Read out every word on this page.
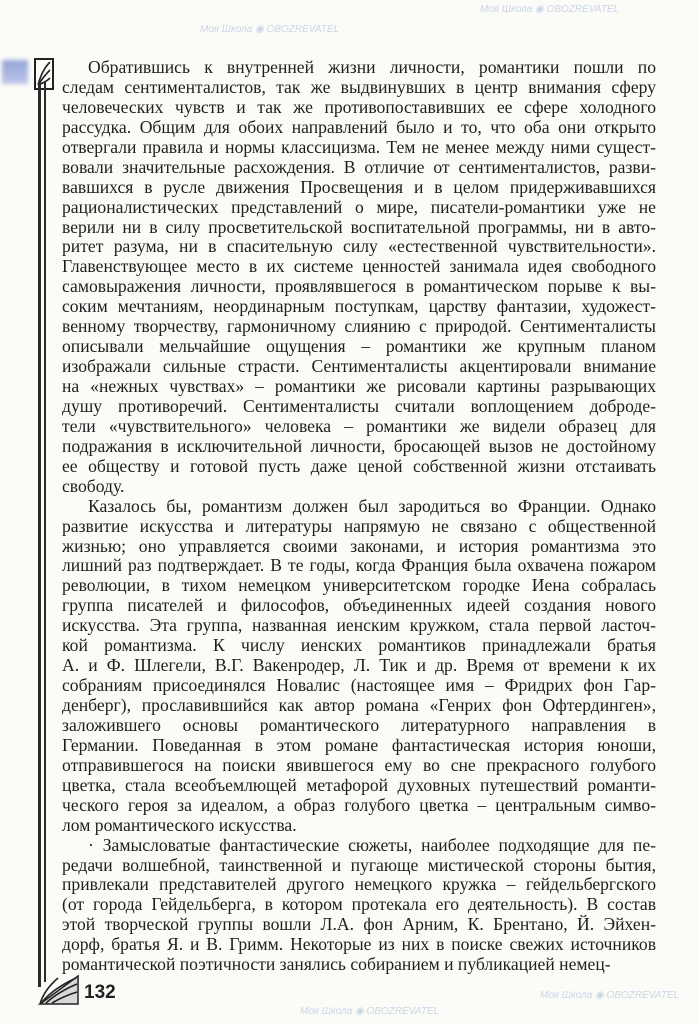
Обратившись к внутренней жизни личности, романтики пошли по
следам сентименталистов, так же выдвинувших в центр внимания сферу
человеческих чувств и так же противопоставивших ее сфере холодного
рассудка. Общим для обоих направлений было и то, что оба они открыто
отвергали правила и нормы классицизма. Тем не менее между ними сущест-
вовали значительные расхождения. В отличие от сентименталистов, разви-
вавшихся в русле движения Просвещения и в целом придерживавшихся
рационалистических представлений о мире, писатели-романтики уже не
верили ни в силу просветительской воспитательной программы, ни в авто-
ритет разума, ни в спасительную силу «естественной чувствительности».
Главенствующее место в их системе ценностей занимала идея свободного
самовыражения личности, проявлявшегося в романтическом порыве к вы-
соким мечтаниям, неординарным поступкам, царству фантазии, художест-
венному творчеству, гармоничному слиянию с природой. Сентименталисты
описывали мельчайшие ощущения – романтики же крупным планом
изображали сильные страсти. Сентименталисты акцентировали внимание
на «нежных чувствах» – романтики же рисовали картины разрывающих
душу противоречий. Сентименталисты считали воплощением доброде-
тели «чувствительного» человека – романтики же видели образец для
подражания в исключительной личности, бросающей вызов не достойному
ее обществу и готовой пусть даже ценой собственной жизни отстаивать
свободу.
Казалось бы, романтизм должен был зародиться во Франции. Однако
развитие искусства и литературы напрямую не связано с общественной
жизнью; оно управляется своими законами, и история романтизма это
лишний раз подтверждает. В те годы, когда Франция была охвачена пожаром
революции, в тихом немецком университетском городке Иена собралась
группа писателей и философов, объединенных идеей создания нового
искусства. Эта группа, названная иенским кружком, стала первой ласточ-
кой романтизма. К числу иенских романтиков принадлежали братья
А. и Ф. Шлегели, В.Г. Вакенродер, Л. Тик и др. Время от времени к их
собраниям присоединялся Новалис (настоящее имя – Фридрих фон Гар-
денберг), прославившийся как автор романа «Генрих фон Офтердинген»,
заложившего основы романтического литературного направления в
Германии. Поведанная в этом романе фантастическая история юноши,
отправившегося на поиски явившегося ему во сне прекрасного голубого
цветка, стала всеобъемлющей метафорой духовных путешествий романти-
ческого героя за идеалом, а образ голубого цветка – центральным симво-
лом романтического искусства.
· Замысловатые фантастические сюжеты, наиболее подходящие для пе-
редачи волшебной, таинственной и пугающе мистической стороны бытия,
привлекали представителей другого немецкого кружка – гейдельбергского
(от города Гейдельберга, в котором протекала его деятельность). В состав
этой творческой группы вошли Л.А. фон Арним, К. Брентано, Й. Эйхен-
дорф, братья Я. и В. Гримм. Некоторые из них в поиске свежих источников
романтической поэтичности занялись собиранием и публикацией немец-
132
Моя Школа ◉ OBOZREVATEL
Моя Школа ◉ OBOZREVATEL
Моя Школа ◉ OBOZREVATEL
Моя Школа ◉ OBOZREVATEL
